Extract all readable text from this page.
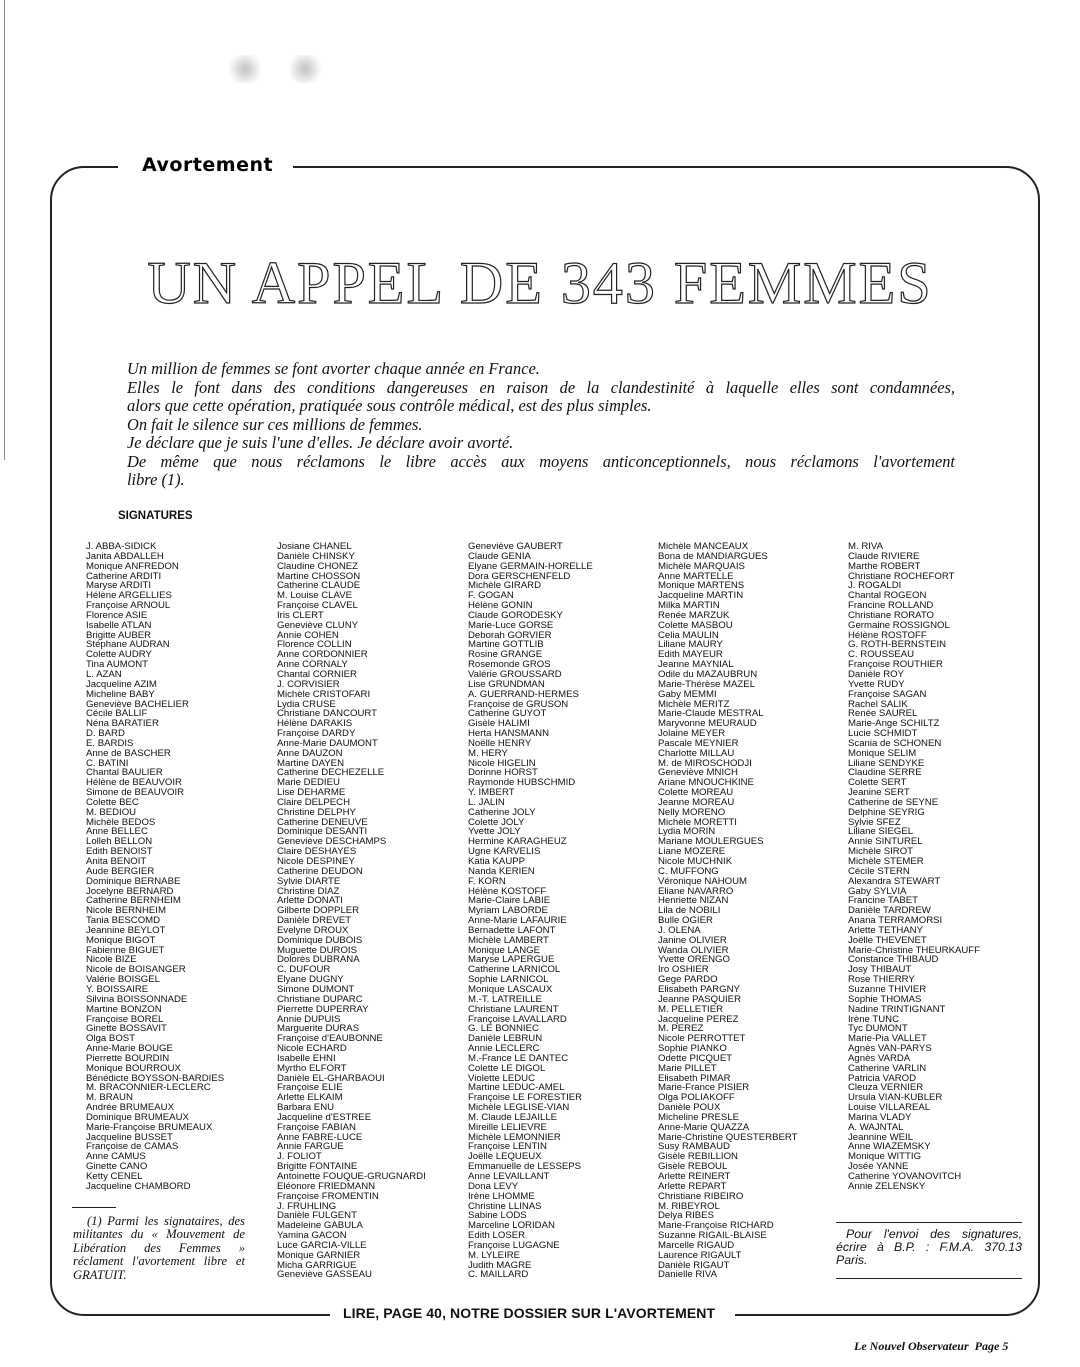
Avortement
UN APPEL DE 343 FEMMES

Un million de femmes se font avorter chaque année en France.

Elles le font dans des conditions dangereuses en raison de la clandestinité à laquelle elles sont condamnées,

alors que cette opération, pratiquée sous contrôle médical, est des plus simples.

On fait le silence sur ces millions de femmes.

Je déclare que je suis l'une d'elles. Je déclare avoir avorté.

De même que nous réclamons le libre accès aux moyens anticonceptionnels, nous réclamons l'avortement

libre (1).

SIGNATURES
J. ABBA-SIDICK
Janita ABDALLEH
Monique ANFREDON
Catherine ARDITI
Maryse ARDITI
Hélène ARGELLIES
Françoise ARNOUL
Florence ASIE
Isabelle ATLAN
Brigitte AUBER
Stéphane AUDRAN
Colette AUDRY
Tina AUMONT
L. AZAN
Jacqueline AZIM
Micheline BABY
Geneviève BACHELIER
Cécile BALLIF
Néna BARATIER
D. BARD
E. BARDIS
Anne de BASCHER
C. BATINI
Chantal BAULIER
Hélène de BEAUVOIR
Simone de BEAUVOIR
Colette BEC
M. BEDIOU
Michèle BEDOS
Anne BELLEC
Lolleh BELLON
Edith BENOIST
Anita BENOIT
Aude BERGIER
Dominique BERNABE
Jocelyne BERNARD
Catherine BERNHEIM
Nicole BERNHEIM
Tania BESCOMD
Jeannine BEYLOT
Monique BIGOT
Fabienne BIGUET
Nicole BIZE
Nicole de BOISANGER
Valérie BOISGEL
Y. BOISSAIRE
Silvina BOISSONNADE
Martine BONZON
Françoise BOREL
Ginette BOSSAVIT
Olga BOST
Anne-Marie BOUGE
Pierrette BOURDIN
Monique BOURROUX
Bénédicte BOYSSON-BARDIES
M. BRACONNIER-LECLERC
M. BRAUN
Andrée BRUMEAUX
Dominique BRUMEAUX
Marie-Françoise BRUMEAUX
Jacqueline BUSSET
Françoise de CAMAS
Anne CAMUS
Ginette CANO
Ketty CENEL
Jacqueline CHAMBORD
Josiane CHANEL
Danièle CHINSKY
Claudine CHONEZ
Martine CHOSSON
Catherine CLAUDE
M. Louise CLAVE
Françoise CLAVEL
Iris CLERT
Geneviève CLUNY
Annie COHEN
Florence COLLIN
Anne CORDONNIER
Anne CORNALY
Chantal CORNIER
J. CORVISIER
Michèle CRISTOFARI
Lydia CRUSE
Christiane DANCOURT
Hélène DARAKIS
Françoise DARDY
Anne-Marie DAUMONT
Anne DAUZON
Martine DAYEN
Catherine DECHEZELLE
Marie DEDIEU
Lise DEHARME
Claire DELPECH
Christine DELPHY
Catherine DENEUVE
Dominique DESANTI
Geneviève DESCHAMPS
Claire DESHAYES
Nicole DESPINEY
Catherine DEUDON
Sylvie DIARTE
Christine DIAZ
Arlette DONATI
Gilberte DOPPLER
Danièle DREVET
Evelyne DROUX
Dominique DUBOIS
Muguette DUROIS
Dolorès DUBRANA
C. DUFOUR
Elyane DUGNY
Simone DUMONT
Christiane DUPARC
Pierrette DUPERRAY
Annie DUPUIS
Marguerite DURAS
Françoise d'EAUBONNE
Nicole ECHARD
Isabelle EHNI
Myrtho ELFORT
Danièle EL-GHARBAOUI
Françoise ELIE
Arlette ELKAIM
Barbara ENU
Jacqueline d'ESTREE
Françoise FABIAN
Anne FABRE-LUCE
Annie FARGUE
J. FOLIOT
Brigitte FONTAINE
Antoinette FOUQUE-GRUGNARDI
Eléonore FRIEDMANN
Françoise FROMENTIN
J. FRUHLING
Danièle FULGENT
Madeleine GABULA
Yamina GACON
Luce GARCIA-VILLE
Monique GARNIER
Micha GARRIGUE
Geneviève GASSEAU
Geneviève GAUBERT
Claude GENIA
Elyane GERMAIN-HORELLE
Dora GERSCHENFELD
Michèle GIRARD
F. GOGAN
Hélène GONIN
Claude GORODESKY
Marie-Luce GORSE
Deborah GORVIER
Martine GOTTLIB
Rosine GRANGE
Rosemonde GROS
Valérie GROUSSARD
Lise GRUNDMAN
A. GUERRAND-HERMES
Françoise de GRUSON
Catherine GUYOT
Gisèle HALIMI
Herta HANSMANN
Noëlle HENRY
M. HERY
Nicole HIGELIN
Dorinne HORST
Raymonde HUBSCHMID
Y. IMBERT
L. JALIN
Catherine JOLY
Colette JOLY
Yvette JOLY
Hermine KARAGHEUZ
Ugne KARVELIS
Katia KAUPP
Nanda KERIEN
F. KORN
Hélène KOSTOFF
Marie-Claire LABIE
Myriam LABORDE
Anne-Marie LAFAURIE
Bernadette LAFONT
Michèle LAMBERT
Monique LANGE
Maryse LAPERGUE
Catherine LARNICOL
Sophie LARNICOL
Monique LASCAUX
M.-T. LATREILLE
Christiane LAURENT
Françoise LAVALLARD
G. LE BONNIEC
Danièle LEBRUN
Annie LECLERC
M.-France LE DANTEC
Colette LE DIGOL
Violette LEDUC
Martine LEDUC-AMEL
Françoise LE FORESTIER
Michèle LEGLISE-VIAN
M. Claude LEJAILLE
Mireille LELIEVRE
Michèle LEMONNIER
Françoise LENTIN
Joëlle LEQUEUX
Emmanuelle de LESSEPS
Anne LEVAILLANT
Dona LEVY
Irène LHOMME
Christine LLINAS
Sabine LODS
Marceline LORIDAN
Edith LOSER
Françoise LUGAGNE
M. LYLEIRE
Judith MAGRE
C. MAILLARD
Michèle MANCEAUX
Bona de MANDIARGUES
Michèle MARQUAIS
Anne MARTELLE
Monique MARTENS
Jacqueline MARTIN
Milka MARTIN
Renée MARZUK
Colette MASBOU
Celia MAULIN
Liliane MAURY
Edith MAYEUR
Jeanne MAYNIAL
Odile du MAZAUBRUN
Marie-Thérèse MAZEL
Gaby MEMMI
Michèle MERITZ
Marie-Claude MESTRAL
Maryvonne MEURAUD
Jolaine MEYER
Pascale MEYNIER
Charlotte MILLAU
M. de MIROSCHODJI
Geneviève MNICH
Ariane MNOUCHKINE
Colette MOREAU
Jeanne MOREAU
Nelly MORENO
Michèle MORETTI
Lydia MORIN
Mariane MOULERGUES
Liane MOZERE
Nicole MUCHNIK
C. MUFFONG
Véronique NAHOUM
Eliane NAVARRO
Henriette NIZAN
Lila de NOBILI
Bulle OGIER
J. OLENA
Janine OLIVIER
Wanda OLIVIER
Yvette ORENGO
Iro OSHIER
Gege PARDO
Elisabeth PARGNY
Jeanne PASQUIER
M. PELLETIER
Jacqueline PEREZ
M. PEREZ
Nicole PERROTTET
Sophie PIANKO
Odette PICQUET
Marie PILLET
Elisabeth PIMAR
Marie-France PISIER
Olga POLIAKOFF
Danièle POUX
Micheline PRESLE
Anne-Marie QUAZZA
Marie-Christine QUESTERBERT
Susy RAMBAUD
Gisèle REBILLION
Gisèle REBOUL
Arlette REINERT
Arlette REPART
Christiane RIBEIRO
M. RIBEYROL
Delya RIBES
Marie-Françoise RICHARD
Suzanne RIGAIL-BLAISE
Marcelle RIGAUD
Laurence RIGAULT
Danièle RIGAUT
Danielle RIVA
M. RIVA
Claude RIVIERE
Marthe ROBERT
Christiane ROCHEFORT
J. ROGALDI
Chantal ROGEON
Francine ROLLAND
Christiane RORATO
Germaine ROSSIGNOL
Hélène ROSTOFF
G. ROTH-BERNSTEIN
C. ROUSSEAU
Françoise ROUTHIER
Danièle ROY
Yvette RUDY
Françoise SAGAN
Rachel SALIK
Renée SAUREL
Marie-Ange SCHILTZ
Lucie SCHMIDT
Scania de SCHONEN
Monique SELIM
Liliane SENDYKE
Claudine SERRE
Colette SERT
Jeanine SERT
Catherine de SEYNE
Delphine SEYRIG
Sylvie SFEZ
Liliane SIEGEL
Annie SINTUREL
Michèle SIROT
Michèle STEMER
Cécile STERN
Alexandra STEWART
Gaby SYLVIA
Francine TABET
Danièle TARDREW
Anana TERRAMORSI
Arlette TETHANY
Joëlle THEVENET
Marie-Christine THEURKAUFF
Constance THIBAUD
Josy THIBAUT
Rose THIERRY
Suzanne THIVIER
Sophie THOMAS
Nadine TRINTIGNANT
Irène TUNC
Tyc DUMONT
Marie-Pia VALLET
Agnès VAN-PARYS
Agnès VARDA
Catherine VARLIN
Patricia VAROD
Cleuza VERNIER
Ursula VIAN-KUBLER
Louise VILLAREAL
Marina VLADY
A. WAJNTAL
Jeannine WEIL
Anne WIAZEMSKY
Monique WITTIG
Josée YANNE
Catherine YOVANOVITCH
Annie ZELENSKY

(1) Parmi les signataires, des militantes du « Mouvement de Libération des Femmes » réclament l'avortement libre et GRATUIT.

Pour l'envoi des signatures, écrire à B.P. : F.M.A. 370.13 Paris.

LIRE, PAGE 40, NOTRE DOSSIER SUR L'AVORTEMENT
Le Nouvel Observateur Page 5
